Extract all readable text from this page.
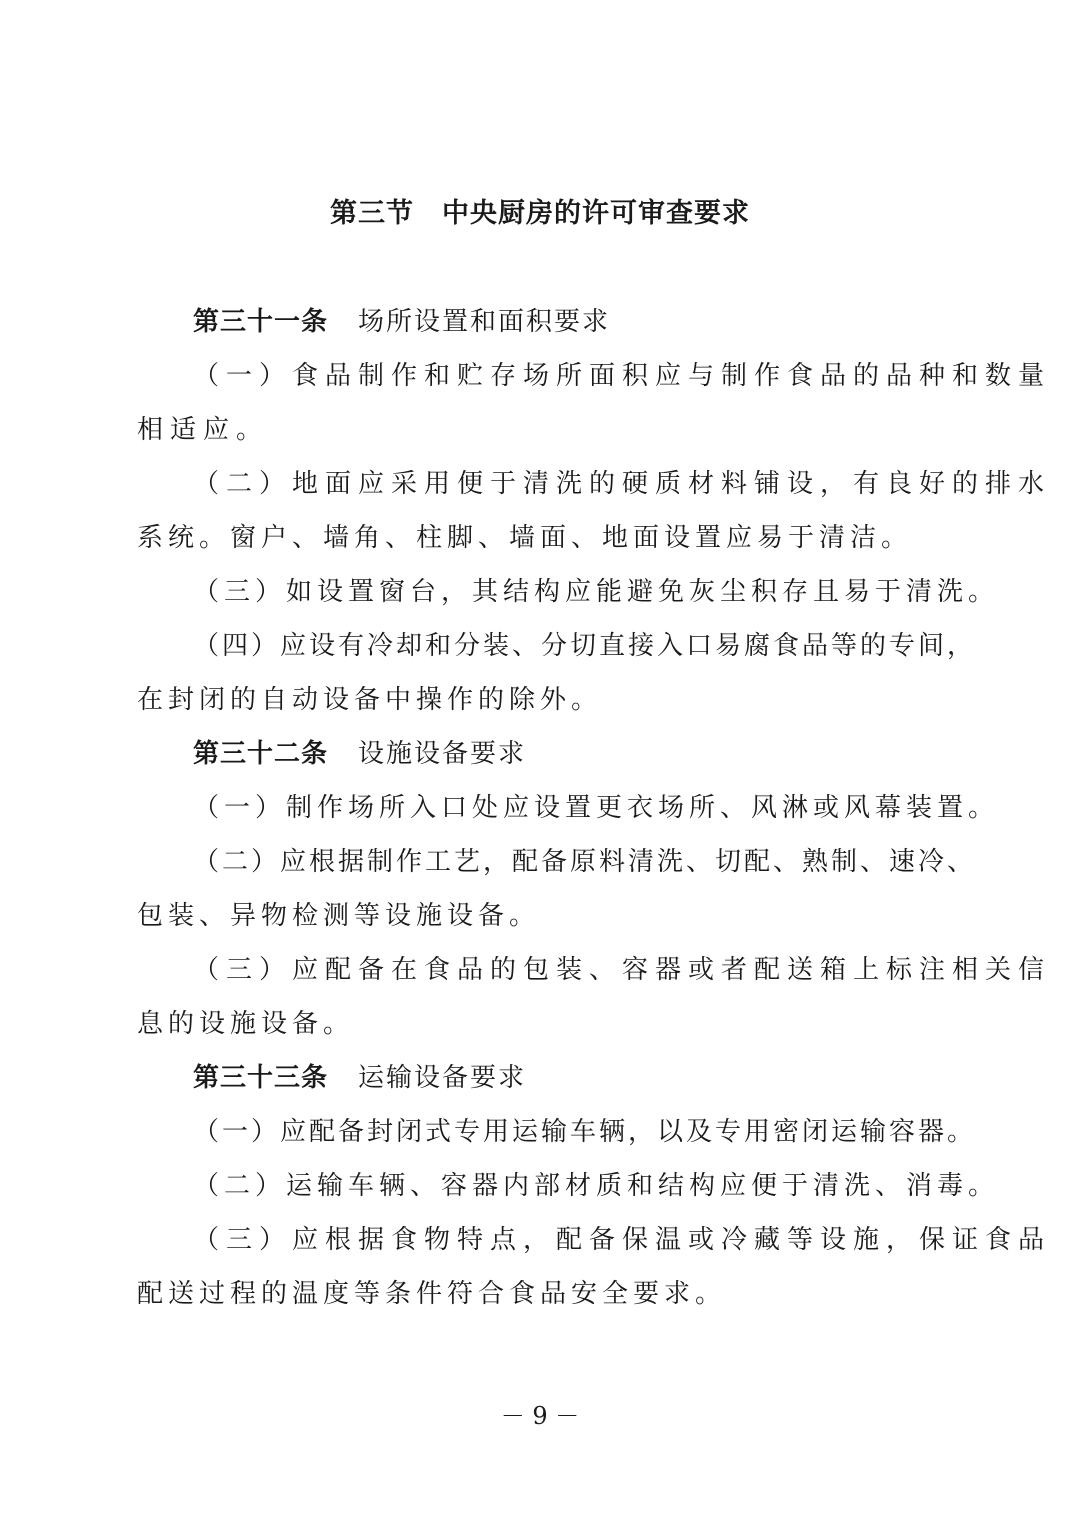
第三节　中央厨房的许可审查要求
第三十一条 场所设置和面积要求
（一）食品制作和贮存场所面积应与制作食品的品种和数量
相适应。
（二）地面应采用便于清洗的硬质材料铺设，有良好的排水
系统。窗户、墙角、柱脚、墙面、地面设置应易于清洁。
（三）如设置窗台，其结构应能避免灰尘积存且易于清洗。
（四）应设有冷却和分装、分切直接入口易腐食品等的专间，
在封闭的自动设备中操作的除外。
第三十二条 设施设备要求
（一）制作场所入口处应设置更衣场所、风淋或风幕装置。
（二）应根据制作工艺，配备原料清洗、切配、熟制、速冷、
包装、异物检测等设施设备。
（三）应配备在食品的包装、容器或者配送箱上标注相关信
息的设施设备。
第三十三条 运输设备要求
（一）应配备封闭式专用运输车辆，以及专用密闭运输容器。
（二）运输车辆、容器内部材质和结构应便于清洗、消毒。
（三）应根据食物特点，配备保温或冷藏等设施，保证食品
配送过程的温度等条件符合食品安全要求。
－ 9 －
